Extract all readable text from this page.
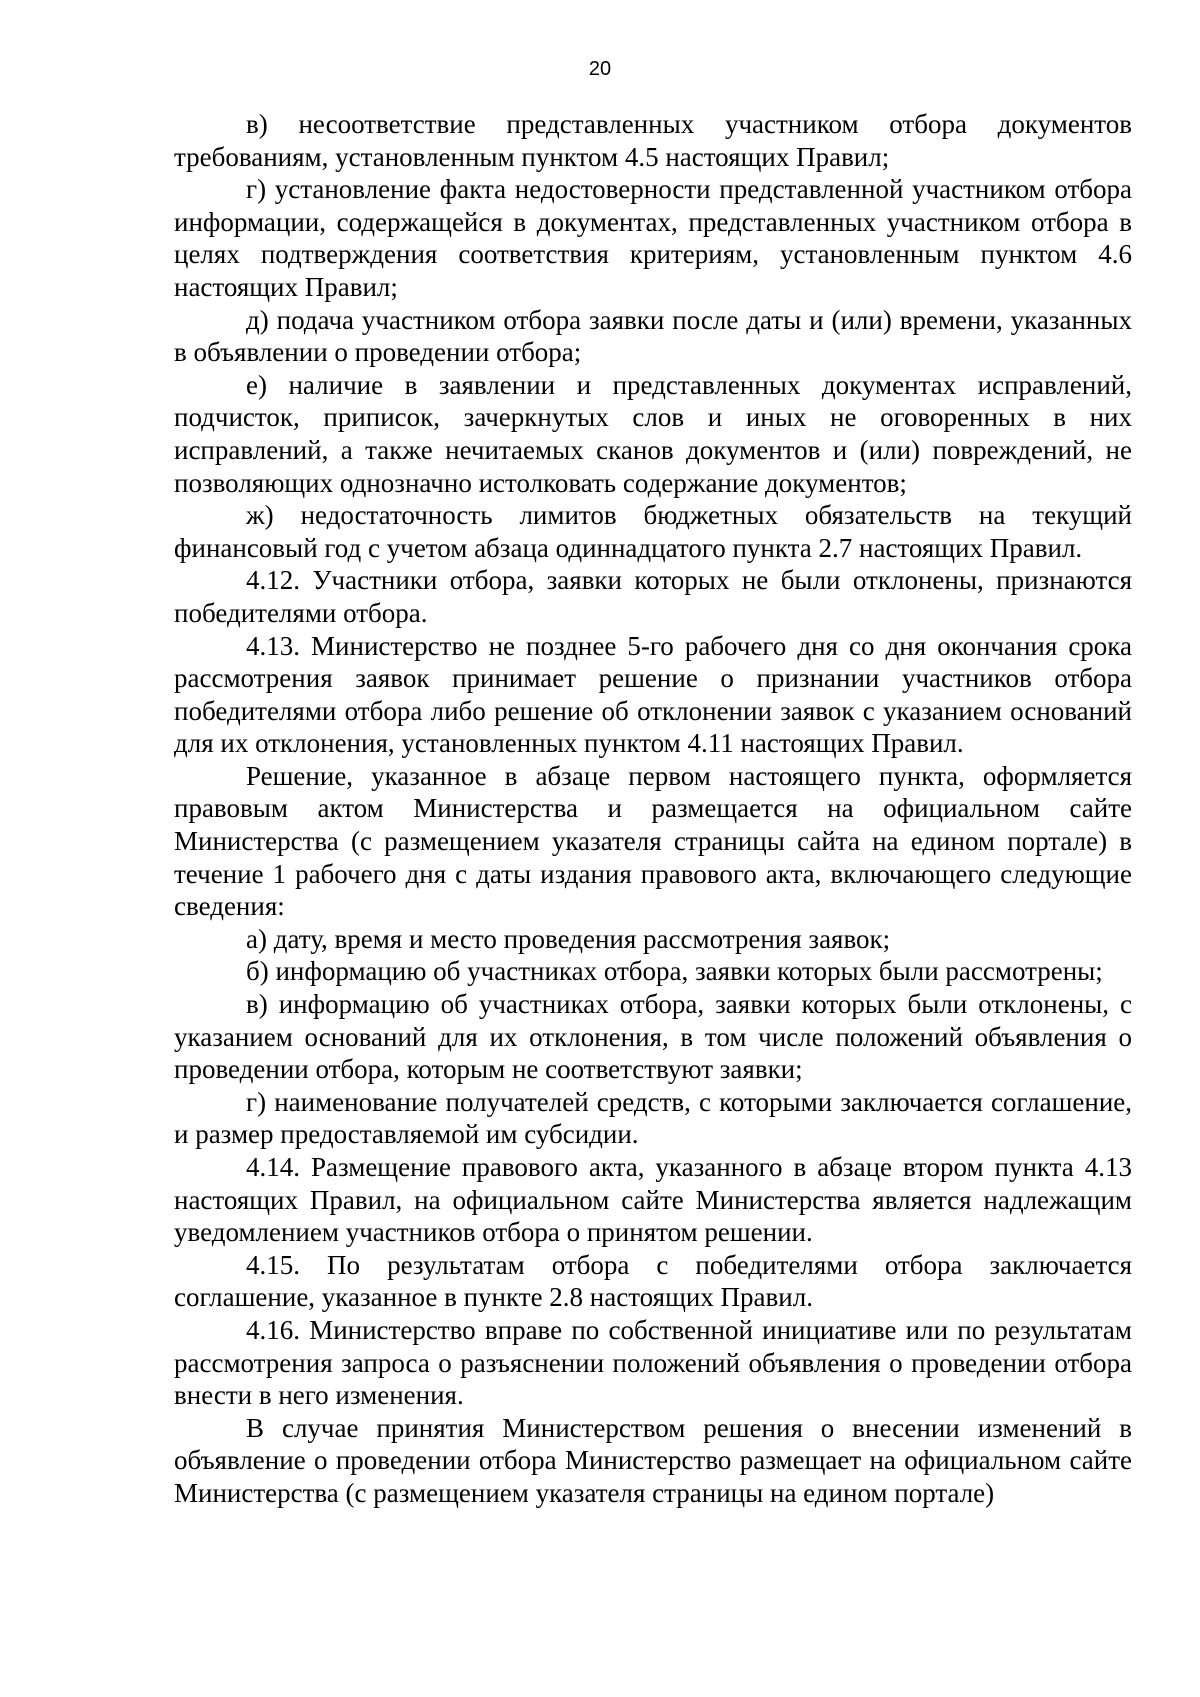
20

в) несоответствие представленных участником отбора документов требованиям, установленным пунктом 4.5 настоящих Правил;

г) установление факта недостоверности представленной участником отбора информации, содержащейся в документах, представленных участником отбора в целях подтверждения соответствия критериям, установленным пунктом 4.6 настоящих Правил;

д) подача участником отбора заявки после даты и (или) времени, указанных в объявлении о проведении отбора;

е) наличие в заявлении и представленных документах исправлений, подчисток, приписок, зачеркнутых слов и иных не оговоренных в них исправлений, а также нечитаемых сканов документов и (или) повреждений, не позволяющих однозначно истолковать содержание документов;

ж) недостаточность лимитов бюджетных обязательств на текущий финансовый год с учетом абзаца одиннадцатого пункта 2.7 настоящих Правил.

4.12. Участники отбора, заявки которых не были отклонены, признаются победителями отбора.

4.13. Министерство не позднее 5-го рабочего дня со дня окончания срока рассмотрения заявок принимает решение о признании участников отбора победителями отбора либо решение об отклонении заявок с указанием оснований для их отклонения, установленных пунктом 4.11 настоящих Правил.

Решение, указанное в абзаце первом настоящего пункта, оформляется правовым актом Министерства и размещается на официальном сайте Министерства (с размещением указателя страницы сайта на едином портале) в течение 1 рабочего дня с даты издания правового акта, включающего следующие сведения:

а) дату, время и место проведения рассмотрения заявок;

б) информацию об участниках отбора, заявки которых были рассмотрены;

в) информацию об участниках отбора, заявки которых были отклонены, с указанием оснований для их отклонения, в том числе положений объявления о проведении отбора, которым не соответствуют заявки;

г) наименование получателей средств, с которыми заключается соглашение, и размер предоставляемой им субсидии.

4.14. Размещение правового акта, указанного в абзаце втором пункта 4.13 настоящих Правил, на официальном сайте Министерства является надлежащим уведомлением участников отбора о принятом решении.

4.15. По результатам отбора с победителями отбора заключается соглашение, указанное в пункте 2.8 настоящих Правил.

4.16. Министерство вправе по собственной инициативе или по результатам рассмотрения запроса о разъяснении положений объявления о проведении отбора внести в него изменения.

В случае принятия Министерством решения о внесении изменений в объявление о проведении отбора Министерство размещает на официальном сайте Министерства (с размещением указателя страницы на едином портале)
